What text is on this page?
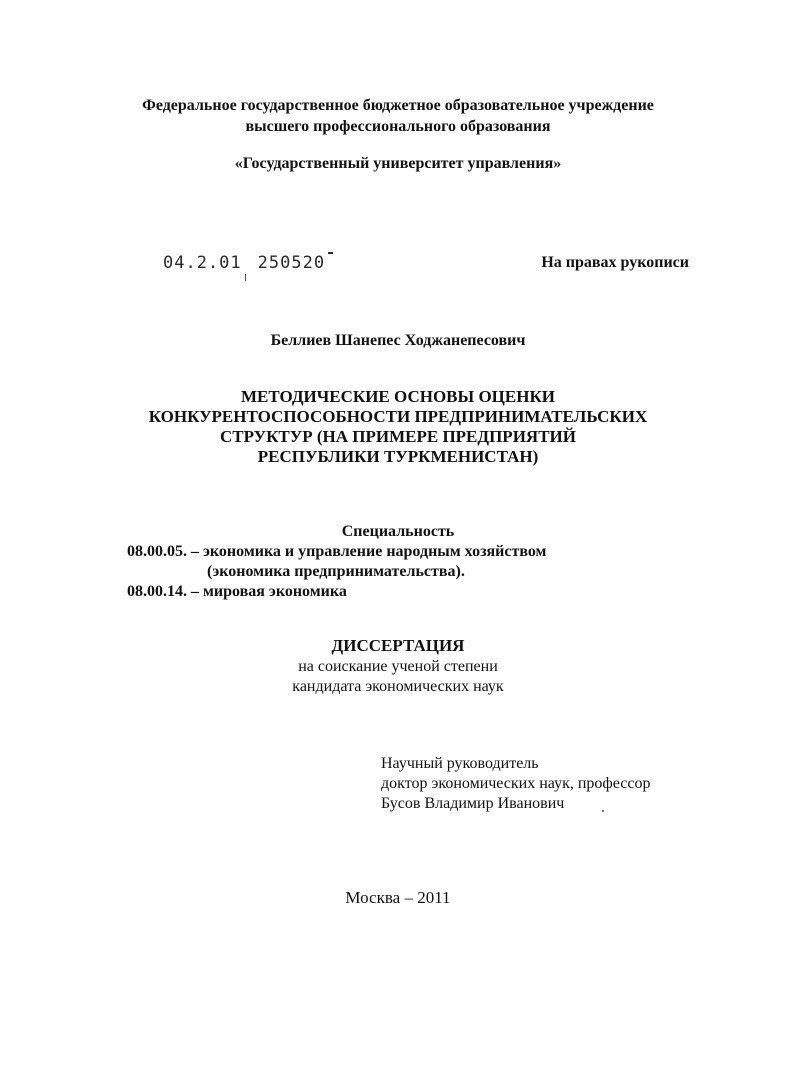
Федеральное государственное бюджетное образовательное учреждение
высшего профессионального образования
«Государственный университет управления»
04.2.01 250520	На правах рукописи
Беллиев Шанепес Ходжанепесович
МЕТОДИЧЕСКИЕ ОСНОВЫ ОЦЕНКИ
КОНКУРЕНТОСПОСОБНОСТИ ПРЕДПРИНИМАТЕЛЬСКИХ
СТРУКТУР (НА ПРИМЕРЕ ПРЕДПРИЯТИЙ
РЕСПУБЛИКИ ТУРКМЕНИСТАН)
Специальность
08.00.05. – экономика и управление народным хозяйством
(экономика предпринимательства).
08.00.14. – мировая экономика
ДИССЕРТАЦИЯ
на соискание ученой степени
кандидата экономических наук
Научный руководитель
доктор экономических наук, профессор
Бусов Владимир Иванович
Москва – 2011
